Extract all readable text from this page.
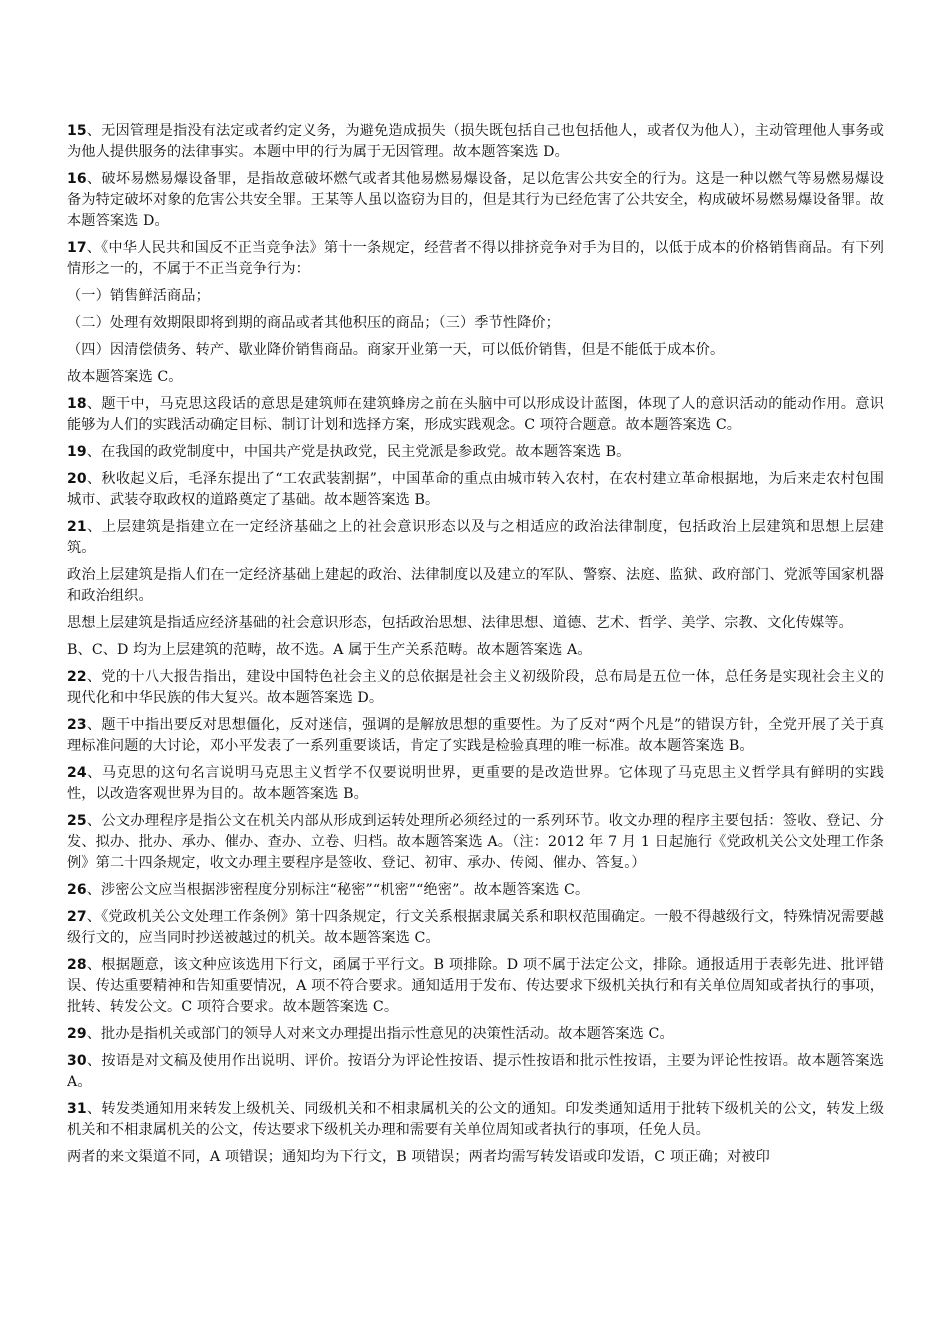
15、无因管理是指没有法定或者约定义务，为避免造成损失（损失既包括自己也包括他人，或者仅为他人），主动管理他人事务或为他人提供服务的法律事实。本题中甲的行为属于无因管理。故本题答案选 D。

16、破坏易燃易爆设备罪，是指故意破坏燃气或者其他易燃易爆设备，足以危害公共安全的行为。这是一种以燃气等易燃易爆设备为特定破坏对象的危害公共安全罪。王某等人虽以盗窃为目的，但是其行为已经危害了公共安全，构成破坏易燃易爆设备罪。故本题答案选 D。

17、《中华人民共和国反不正当竞争法》第十一条规定，经营者不得以排挤竞争对手为目的，以低于成本的价格销售商品。有下列情形之一的，不属于不正当竞争行为：

（一）销售鲜活商品；

（二）处理有效期限即将到期的商品或者其他积压的商品；（三）季节性降价；

（四）因清偿债务、转产、歇业降价销售商品。商家开业第一天，可以低价销售，但是不能低于成本价。

故本题答案选 C。

18、题干中，马克思这段话的意思是建筑师在建筑蜂房之前在头脑中可以形成设计蓝图，体现了人的意识活动的能动作用。意识能够为人们的实践活动确定目标、制订计划和选择方案，形成实践观念。C 项符合题意。故本题答案选 C。

19、在我国的政党制度中，中国共产党是执政党，民主党派是参政党。故本题答案选 B。

20、秋收起义后，毛泽东提出了“工农武装割据”，中国革命的重点由城市转入农村，在农村建立革命根据地，为后来走农村包围城市、武装夺取政权的道路奠定了基础。故本题答案选 B。

21、上层建筑是指建立在一定经济基础之上的社会意识形态以及与之相适应的政治法律制度，包括政治上层建筑和思想上层建筑。

政治上层建筑是指人们在一定经济基础上建起的政治、法律制度以及建立的军队、警察、法庭、监狱、政府部门、党派等国家机器和政治组织。

思想上层建筑是指适应经济基础的社会意识形态，包括政治思想、法律思想、道德、艺术、哲学、美学、宗教、文化传媒等。

B、C、D 均为上层建筑的范畴，故不选。A 属于生产关系范畴。故本题答案选 A。

22、党的十八大报告指出，建设中国特色社会主义的总依据是社会主义初级阶段，总布局是五位一体，总任务是实现社会主义的现代化和中华民族的伟大复兴。故本题答案选 D。

23、题干中指出要反对思想僵化，反对迷信，强调的是解放思想的重要性。为了反对“两个凡是”的错误方针，全党开展了关于真理标准问题的大讨论，邓小平发表了一系列重要谈话，肯定了实践是检验真理的唯一标准。故本题答案选 B。

24、马克思的这句名言说明马克思主义哲学不仅要说明世界，更重要的是改造世界。它体现了马克思主义哲学具有鲜明的实践性，以改造客观世界为目的。故本题答案选 B。

25、公文办理程序是指公文在机关内部从形成到运转处理所必须经过的一系列环节。收文办理的程序主要包括：签收、登记、分发、拟办、批办、承办、催办、查办、立卷、归档。故本题答案选 A。（注：2012 年 7 月 1 日起施行《党政机关公文处理工作条例》第二十四条规定，收文办理主要程序是签收、登记、初审、承办、传阅、催办、答复。）

26、涉密公文应当根据涉密程度分别标注“秘密”“机密”“绝密”。故本题答案选 C。

27、《党政机关公文处理工作条例》第十四条规定，行文关系根据隶属关系和职权范围确定。一般不得越级行文，特殊情况需要越级行文的，应当同时抄送被越过的机关。故本题答案选 C。

28、根据题意，该文种应该选用下行文，函属于平行文。B 项排除。D 项不属于法定公文，排除。通报适用于表彰先进、批评错误、传达重要精神和告知重要情况，A 项不符合要求。通知适用于发布、传达要求下级机关执行和有关单位周知或者执行的事项，批转、转发公文。C 项符合要求。故本题答案选 C。

29、批办是指机关或部门的领导人对来文办理提出指示性意见的决策性活动。故本题答案选 C。

30、按语是对文稿及使用作出说明、评价。按语分为评论性按语、提示性按语和批示性按语，主要为评论性按语。故本题答案选 A。

31、转发类通知用来转发上级机关、同级机关和不相隶属机关的公文的通知。印发类通知适用于批转下级机关的公文，转发上级机关和不相隶属机关的公文，传达要求下级机关办理和需要有关单位周知或者执行的事项，任免人员。

两者的来文渠道不同，A 项错误；通知均为下行文，B 项错误；两者均需写转发语或印发语，C 项正确；对被印
